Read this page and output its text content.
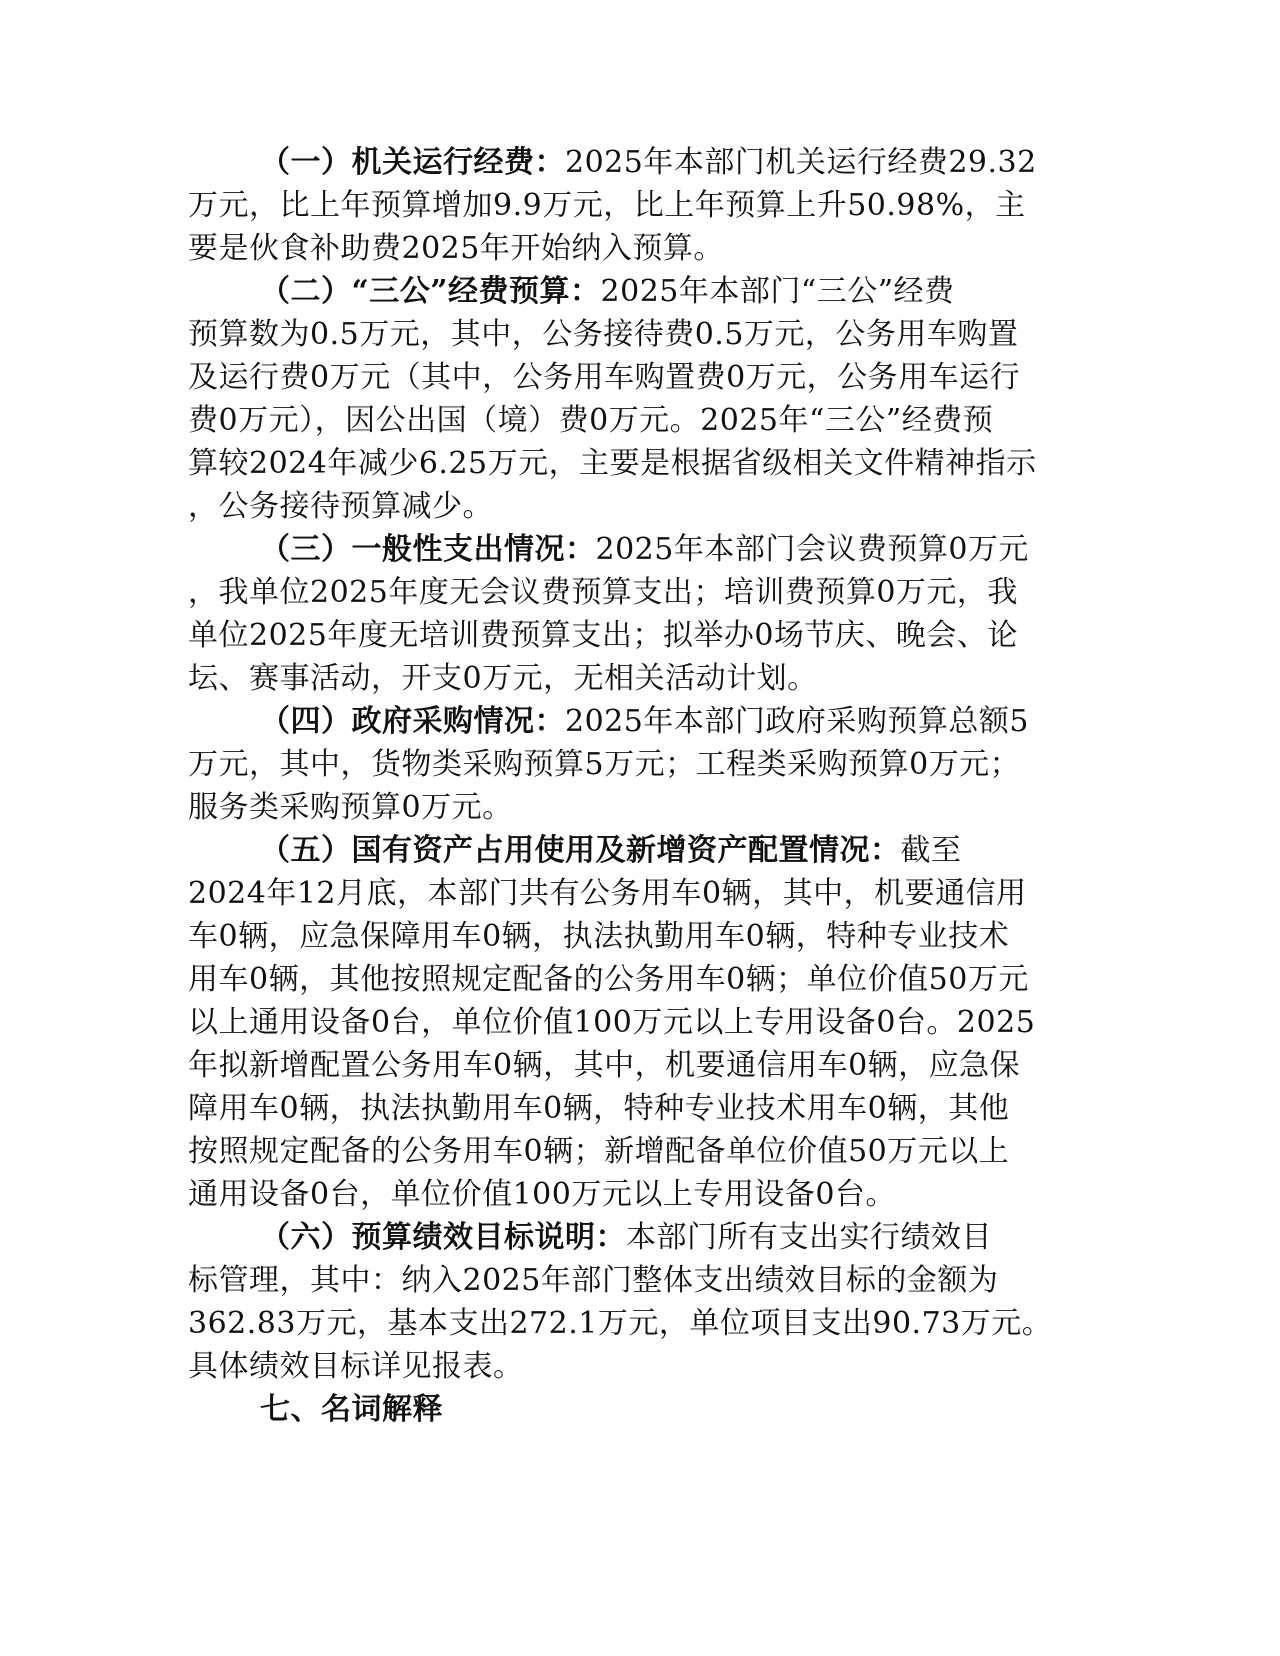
（一）机关运行经费：2025年本部门机关运行经费29.32
万元，比上年预算增加9.9万元，比上年预算上升50.98%，主
要是伙食补助费2025年开始纳入预算。
（二）“三公”经费预算：2025年本部门“三公”经费
预算数为0.5万元，其中，公务接待费0.5万元，公务用车购置
及运行费0万元（其中，公务用车购置费0万元，公务用车运行
费0万元），因公出国（境）费0万元。2025年“三公”经费预
算较2024年减少6.25万元，主要是根据省级相关文件精神指示
，公务接待预算减少。
（三）一般性支出情况：2025年本部门会议费预算0万元
，我单位2025年度无会议费预算支出；培训费预算0万元，我
单位2025年度无培训费预算支出；拟举办0场节庆、晚会、论
坛、赛事活动，开支0万元，无相关活动计划。
（四）政府采购情况：2025年本部门政府采购预算总额5
万元，其中，货物类采购预算5万元；工程类采购预算0万元；
服务类采购预算0万元。
（五）国有资产占用使用及新增资产配置情况：截至
2024年12月底，本部门共有公务用车0辆，其中，机要通信用
车0辆，应急保障用车0辆，执法执勤用车0辆，特种专业技术
用车0辆，其他按照规定配备的公务用车0辆；单位价值50万元
以上通用设备0台，单位价值100万元以上专用设备0台。2025
年拟新增配置公务用车0辆，其中，机要通信用车0辆，应急保
障用车0辆，执法执勤用车0辆，特种专业技术用车0辆，其他
按照规定配备的公务用车0辆；新增配备单位价值50万元以上
通用设备0台，单位价值100万元以上专用设备0台。
（六）预算绩效目标说明：本部门所有支出实行绩效目
标管理，其中：纳入2025年部门整体支出绩效目标的金额为
362.83万元，基本支出272.1万元，单位项目支出90.73万元。
具体绩效目标详见报表。
七、名词解释
